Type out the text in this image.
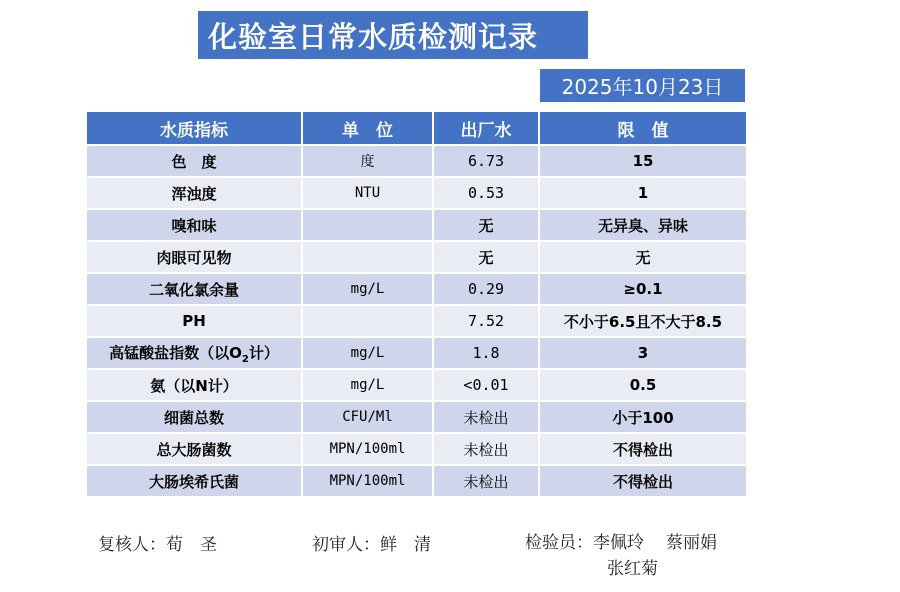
化验室日常水质检测记录
2025年10月23日
水质指标	单　位	出厂水	限　值
色　度	度	6.73	15
浑浊度	NTU	0.53	1
嗅和味		无	无异臭、异味
肉眼可见物		无	无
二氧化氯余量	mg/L	0.29	≥0.1
PH		7.52	不小于6.5且不大于8.5
高锰酸盐指数（以$O_2$计）	mg/L	1.8	3
氨（以N计）	mg/L	<0.01	0.5
细菌总数	CFU/Ml	未检出	小于100
总大肠菌数	MPN/100ml	未检出	不得检出
大肠埃希氏菌	MPN/100ml	未检出	不得检出
复核人：荀　圣	初审人：鲜　清	检验员：李佩玲 蔡丽娟
张红菊
